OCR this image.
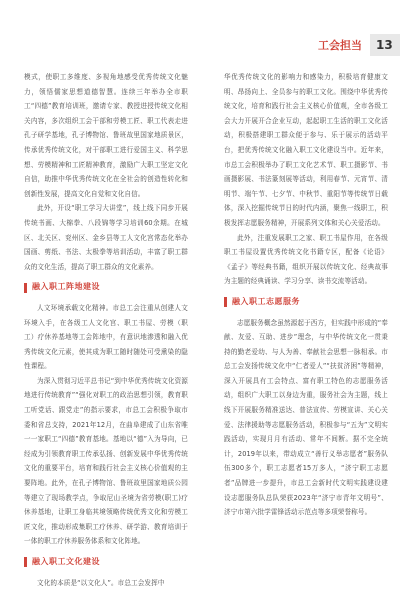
工会担当	13

模式，使职工多维度、多视角地感受优秀传统文化魅力，领悟儒家思想道德智慧。连续三年举办全市职工“四德”教育培训班，邀请专家、教授进授传统文化相关内容，多次组织工会干部和劳模工匠、职工代表走进孔子研学基地，孔子博物馆、鲁班故里国家地质景区，传承优秀传统文化，对干部职工进行爱国主义、科学思想、劳模精神和工匠精神教育，激励广大职工坚定文化自信，助推中华优秀传统文化在全社会的创造性转化和创新性发展，提高文化自觉和文化自信。

此外，开设“职工学习大讲堂”，线上线下同步开展传统书画、大棉拳、八段锦等学习培训60余期。在城区、北关区、兖州区、金乡县等工人文化宫常态化举办国画、剪纸、书法、太极拳等培训活动，丰富了职工群众的文化生活，提高了职工群众的文化素养。

融入职工阵地建设

人文环境承载文化精神。市总工会注重从创建人文环境入手，在各级工人文化宫、职工书屋、劳模（职工）疗休养基地等工会阵地中，有意识地渗透和融入优秀传统文化元素，使其成为职工随时随处可受熏染的隐性课程。

为深入贯彻习近平总书记“到中华优秀传统文化资源地进行传统教育”“强化对职工的政治思想引领，教育职工听党话、跟党走”的指示要求，市总工会积极争取市委和省总支持，2021年12月，在曲阜建成了山东省唯一一家职工“四德”教育基地。基地以“德”入为导向，已经成为引领教育职工传承弘扬、创新发展中华优秀传统文化的重要平台，培育和践行社会主义核心价值观的主要阵地。此外，在孔子博物馆、鲁班故里国家地质公园等建立了现场教学点，争取尼山圣境为省劳模(职工)疗休养基地，让职工身临其境领略传统优秀文化和劳模工匠文化，推动形成集职工疗休养、研学游、教育培训于一体的职工疗休养服务体系和文化阵地。

融入职工文化建设

文化的本质是“以文化人”。市总工会发挥中

华优秀传统文化的影响力和感染力，积极培育健康文明、昂扬向上、全员参与的职工文化。围绕中华优秀传统文化，培育和践行社会主义核心价值观，全市各级工会大力开展开合企业互动，起起职工生活的职工文化活动，积极搭建职工群众便于参与、乐于展示的活动平台，把优秀传统文化融入职工文化建设当中。近年来，市总工会积极举办了职工文化艺术节、职工摄影节、书画摄影展、书法篆刻展等活动，利用春节、元宵节、清明节、端午节、七夕节、中秋节、重阳节等传统节日载体，深入挖掘传统节日的时代内涵，聚焦一线职工，积极发挥志愿服务精神，开展系列文体和关心关爱活动。

此外，注重发展职工之家、职工书屋作用，在各级职工书屋设置优秀传统文化书籍专区，配备《论语》《孟子》等经典书籍，组织开展以传统文化、经典故事为主题的经典诵读、学习分享、读书交流等活动。

融入职工志愿服务

志愿服务概念虽然源起于西方，但实践中形成的“奉献、友爱、互助、进步”理念，与中华传统文化一贯秉持的勤老爱幼、与人为善、奉献社会思想一脉相承。市总工会发扬传统文化中“仁者爱人”“扶贫济困”等精神，深入开展具有工会特点、富有职工特色的志愿服务活动，组织广大职工以身边为重，服务社会为主题，线上线下开展服务精准送达、普法宣传、劳模宣讲、关心关爱、法律援助等志愿服务活动，积极参与“五为”文明实践活动，实现月月有活动、常年不间断。据不完全统计，2019年以来，带动成立“善行义举志愿者”服务队伍300多个，职工志愿者15万多人，“济宁职工志愿者”品牌进一步提升，市总工会新时代文明实践建设建设志愿服务队总队荣获2023年“济宁市青年文明号”、济宁市第六批学雷锋活动示范点等多项荣誉称号。
